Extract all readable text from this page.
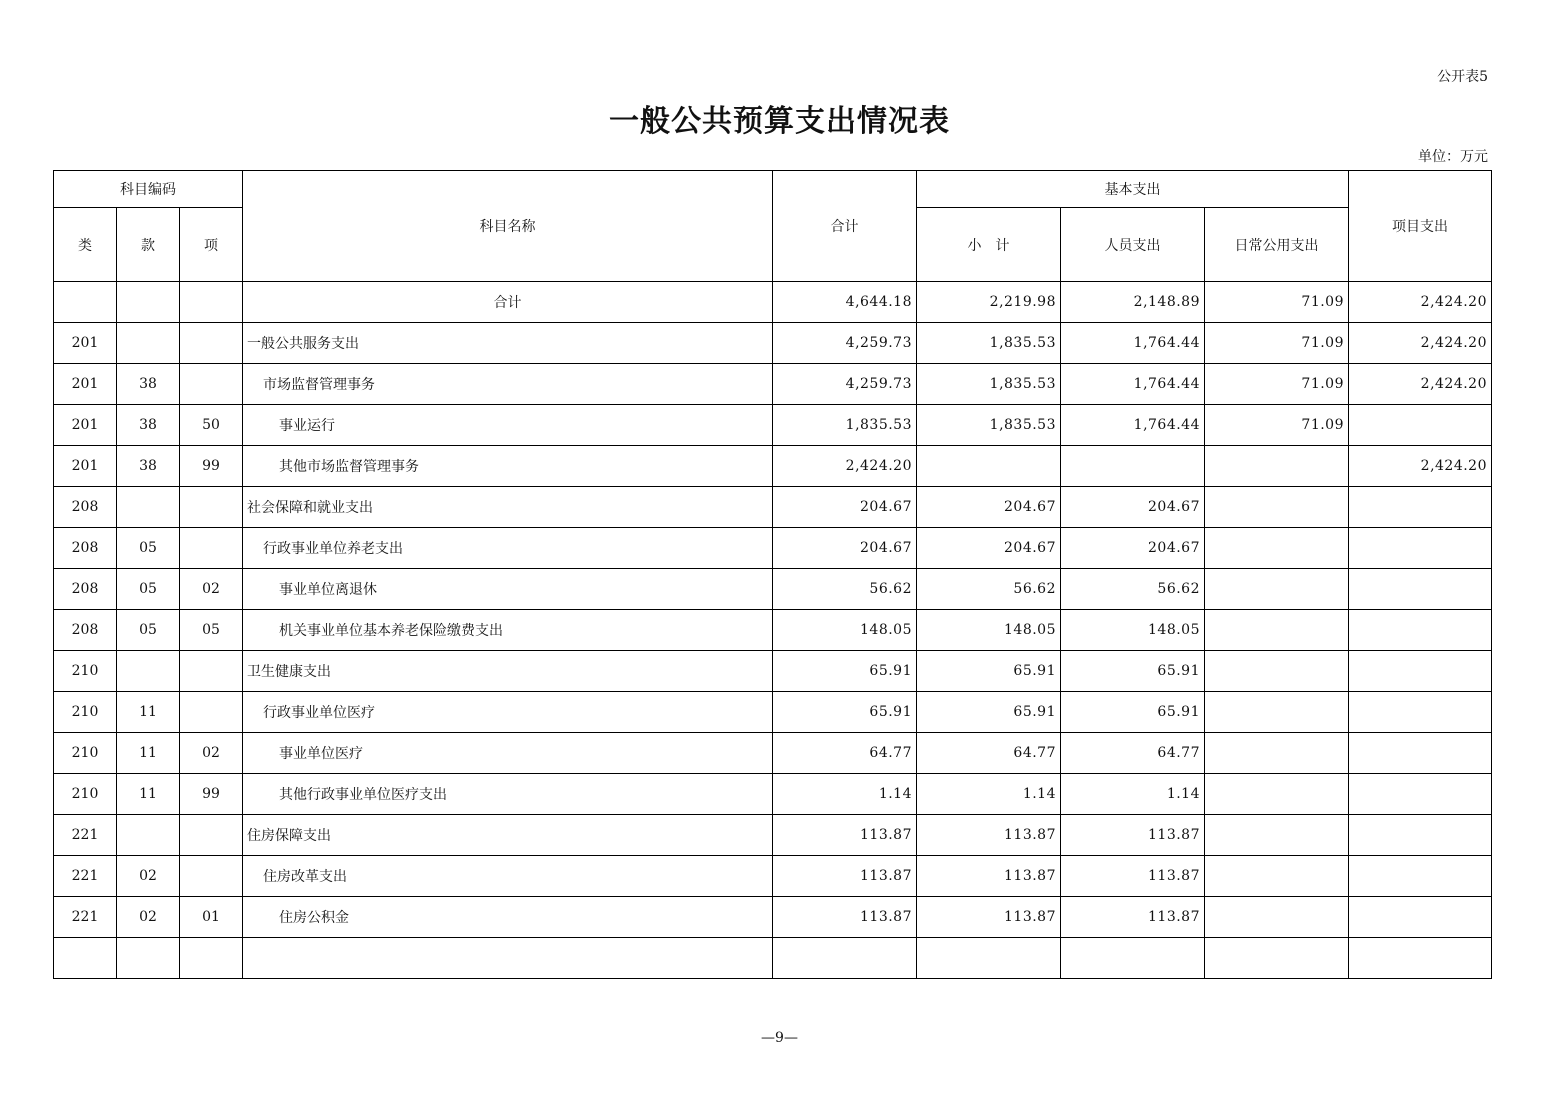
公开表5
一般公共预算支出情况表
单位：万元
科目编码			科目名称	合计	基本支出			项目支出
类	款	项			小　计	人员支出	日常公用支出	
			合计	4,644.18	2,219.98	2,148.89	71.09	2,424.20
201			一般公共服务支出	4,259.73	1,835.53	1,764.44	71.09	2,424.20
201	38		市场监督管理事务	4,259.73	1,835.53	1,764.44	71.09	2,424.20
201	38	50	事业运行	1,835.53	1,835.53	1,764.44	71.09	
201	38	99	其他市场监督管理事务	2,424.20				2,424.20
208			社会保障和就业支出	204.67	204.67	204.67		
208	05		行政事业单位养老支出	204.67	204.67	204.67		
208	05	02	事业单位离退休	56.62	56.62	56.62		
208	05	05	机关事业单位基本养老保险缴费支出	148.05	148.05	148.05		
210			卫生健康支出	65.91	65.91	65.91		
210	11		行政事业单位医疗	65.91	65.91	65.91		
210	11	02	事业单位医疗	64.77	64.77	64.77		
210	11	99	其他行政事业单位医疗支出	1.14	1.14	1.14		
221			住房保障支出	113.87	113.87	113.87		
221	02		住房改革支出	113.87	113.87	113.87		
221	02	01	住房公积金	113.87	113.87	113.87		

—9—
